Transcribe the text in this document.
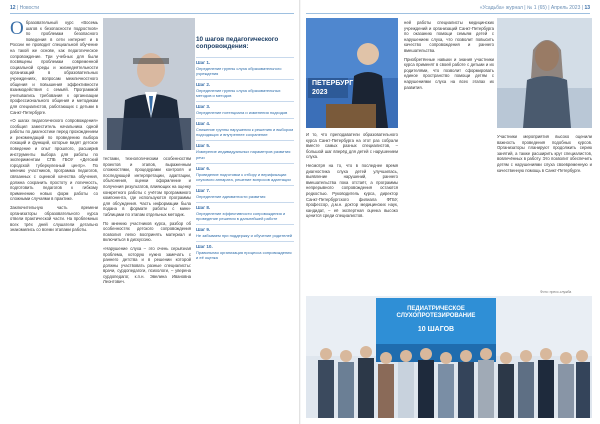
12 | Новости	«Усадьба» журнал | № 1 (65) | Апрель 2023 | 13

Образовательный курс «Восемь шагов к безопасности подростков» по проблемам безопасного поведения в сети интернет и в России не проводит специальной обучение на такой же основе, как педагогическое сопровождение. Три учебных для были посвящены проблемам современной социальной среды и жизнедеятельности организаций в образовательных учреждениях, вопросам межличностного общения и повышения эффективности взаимодействия с семьёй. Программой учитывались требования к организации профессионального общения и методикам для специалистов, работающих с детьми в Санкт-Петербурге.

«О шагах педагогического сопровождения» сообщил заместитель начальника одной работы по диагностике перед прохождением и рекомендаций по проведению выбора локаций и функций, которые видят детское поведение и опыт прошлого, расширив инструменты выбора для работы по экспериментам СПБ ГБОУ «Детский городской туберкулезный центр». По мнению участников, программа педагогов, связанных с оценкой качества обучения, должна сохранить простоту и логичность, подготовить педагогов к гибкому применению новых форм работы со сложными случаями в практике.

Заключительную часть времени организаторы образовательного курса отвели практической части. На проблемных всех трёх дней слушатели детально знакомились со всеми этапами работы.

тестами, технологическим особенностям проектов и этапов, выраженным сложностями, процедурами контроля и последующей интерпретации, адаптации, объяснения, оценки оформление и получения результатов, влияющих на оценку конкретного работы с учётом программного компонента, где используются программы для обсуждения. Часть информации была подана в формате работы с мини-таблицами по этапам отдельных методик.

По мнению участников курса, разбор об особенностях детского сопровождения позволил легко воспринять материал и включиться в дискуссию.

«Нарушение слуха – это очень серьёзная проблема, которую нужно замечать с раннего детства и в решении которой должны участвовать разные специалисты: врачи, сурдопедагоги, психологи, – уверена сурдопедагог, к.п.н. Эвелина Ивановна Леонтович.

10 шагов педагогического сопровождения:
Шаг 1.
Определение группы слуха образовательного учреждения
Шаг 2.
Определение группы слуха образовательных методов и методов
Шаг 3.
Определение потенциала и изменения подходов
Шаг 4.
Снижение группы нарушения к решению и выбором подходящих и внутреннее сохранение
Шаг 5.
Измерение индивидуальных параметров развития речи
Шаг 6.
Проведение подготовки к отбору и верификации слухового аппарата, решение вопросов адаптации
Шаг 7.
Определение адекватности развития
Шаг 8.
Определение эффективности сопровождения и проведение решения в дальнейшей работе
Шаг 9.
Не забываем при поддержку и обучение родителей
Шаг 10.
Правильная организация процесса сопровождения и её оценка
ПЕТЕРБУРГ
2023

И то, что преподаватели образовательного курса Санкт-Петербурга на этот раз собрали вместе самых разных специалистов, – большой шаг вперёд для детей с нарушением слуха.

Несмотря на то, что в последнее время диагностика слуха детей улучшилась, выявление нарушений, раннего вмешательства пока отстаёт, а программы непрерывного сопровождения остаются редкостью. Руководитель курса, директор Санкт-Петербургского филиала ФГБУ, профессор, д.м.н. доктор медицинских наук, кандидат, – её экспертная оценка высоко ценится среди специалистов.

ней работы специалисты медицинских учреждений и организаций Санкт-Петербурга по оказанию помощи семьям детей с нарушением слуха, что позволит повысить качество сопровождения и раннего вмешательства.

Приобретённые навыки и знания участники курса применят в своей работе с детьми и их родителями, что позволит сформировать единое пространство помощи детям с нарушениями слуха на всех этапах их развития.

Участники мероприятия высоко оценили важность проведения подобных курсов. Организаторы планируют продолжить серию занятий, а также расширить круг специалистов, вовлечённых в работу. Это позволит обеспечить детям с нарушениями слуха своевременную и качественную помощь в Санкт-Петербурге.

ПЕДИАТРИЧЕСКОЕ СЛУХОПРОТЕЗИРОВАНИЕ
10 ШАГОВ
Фото: пресс-служба
